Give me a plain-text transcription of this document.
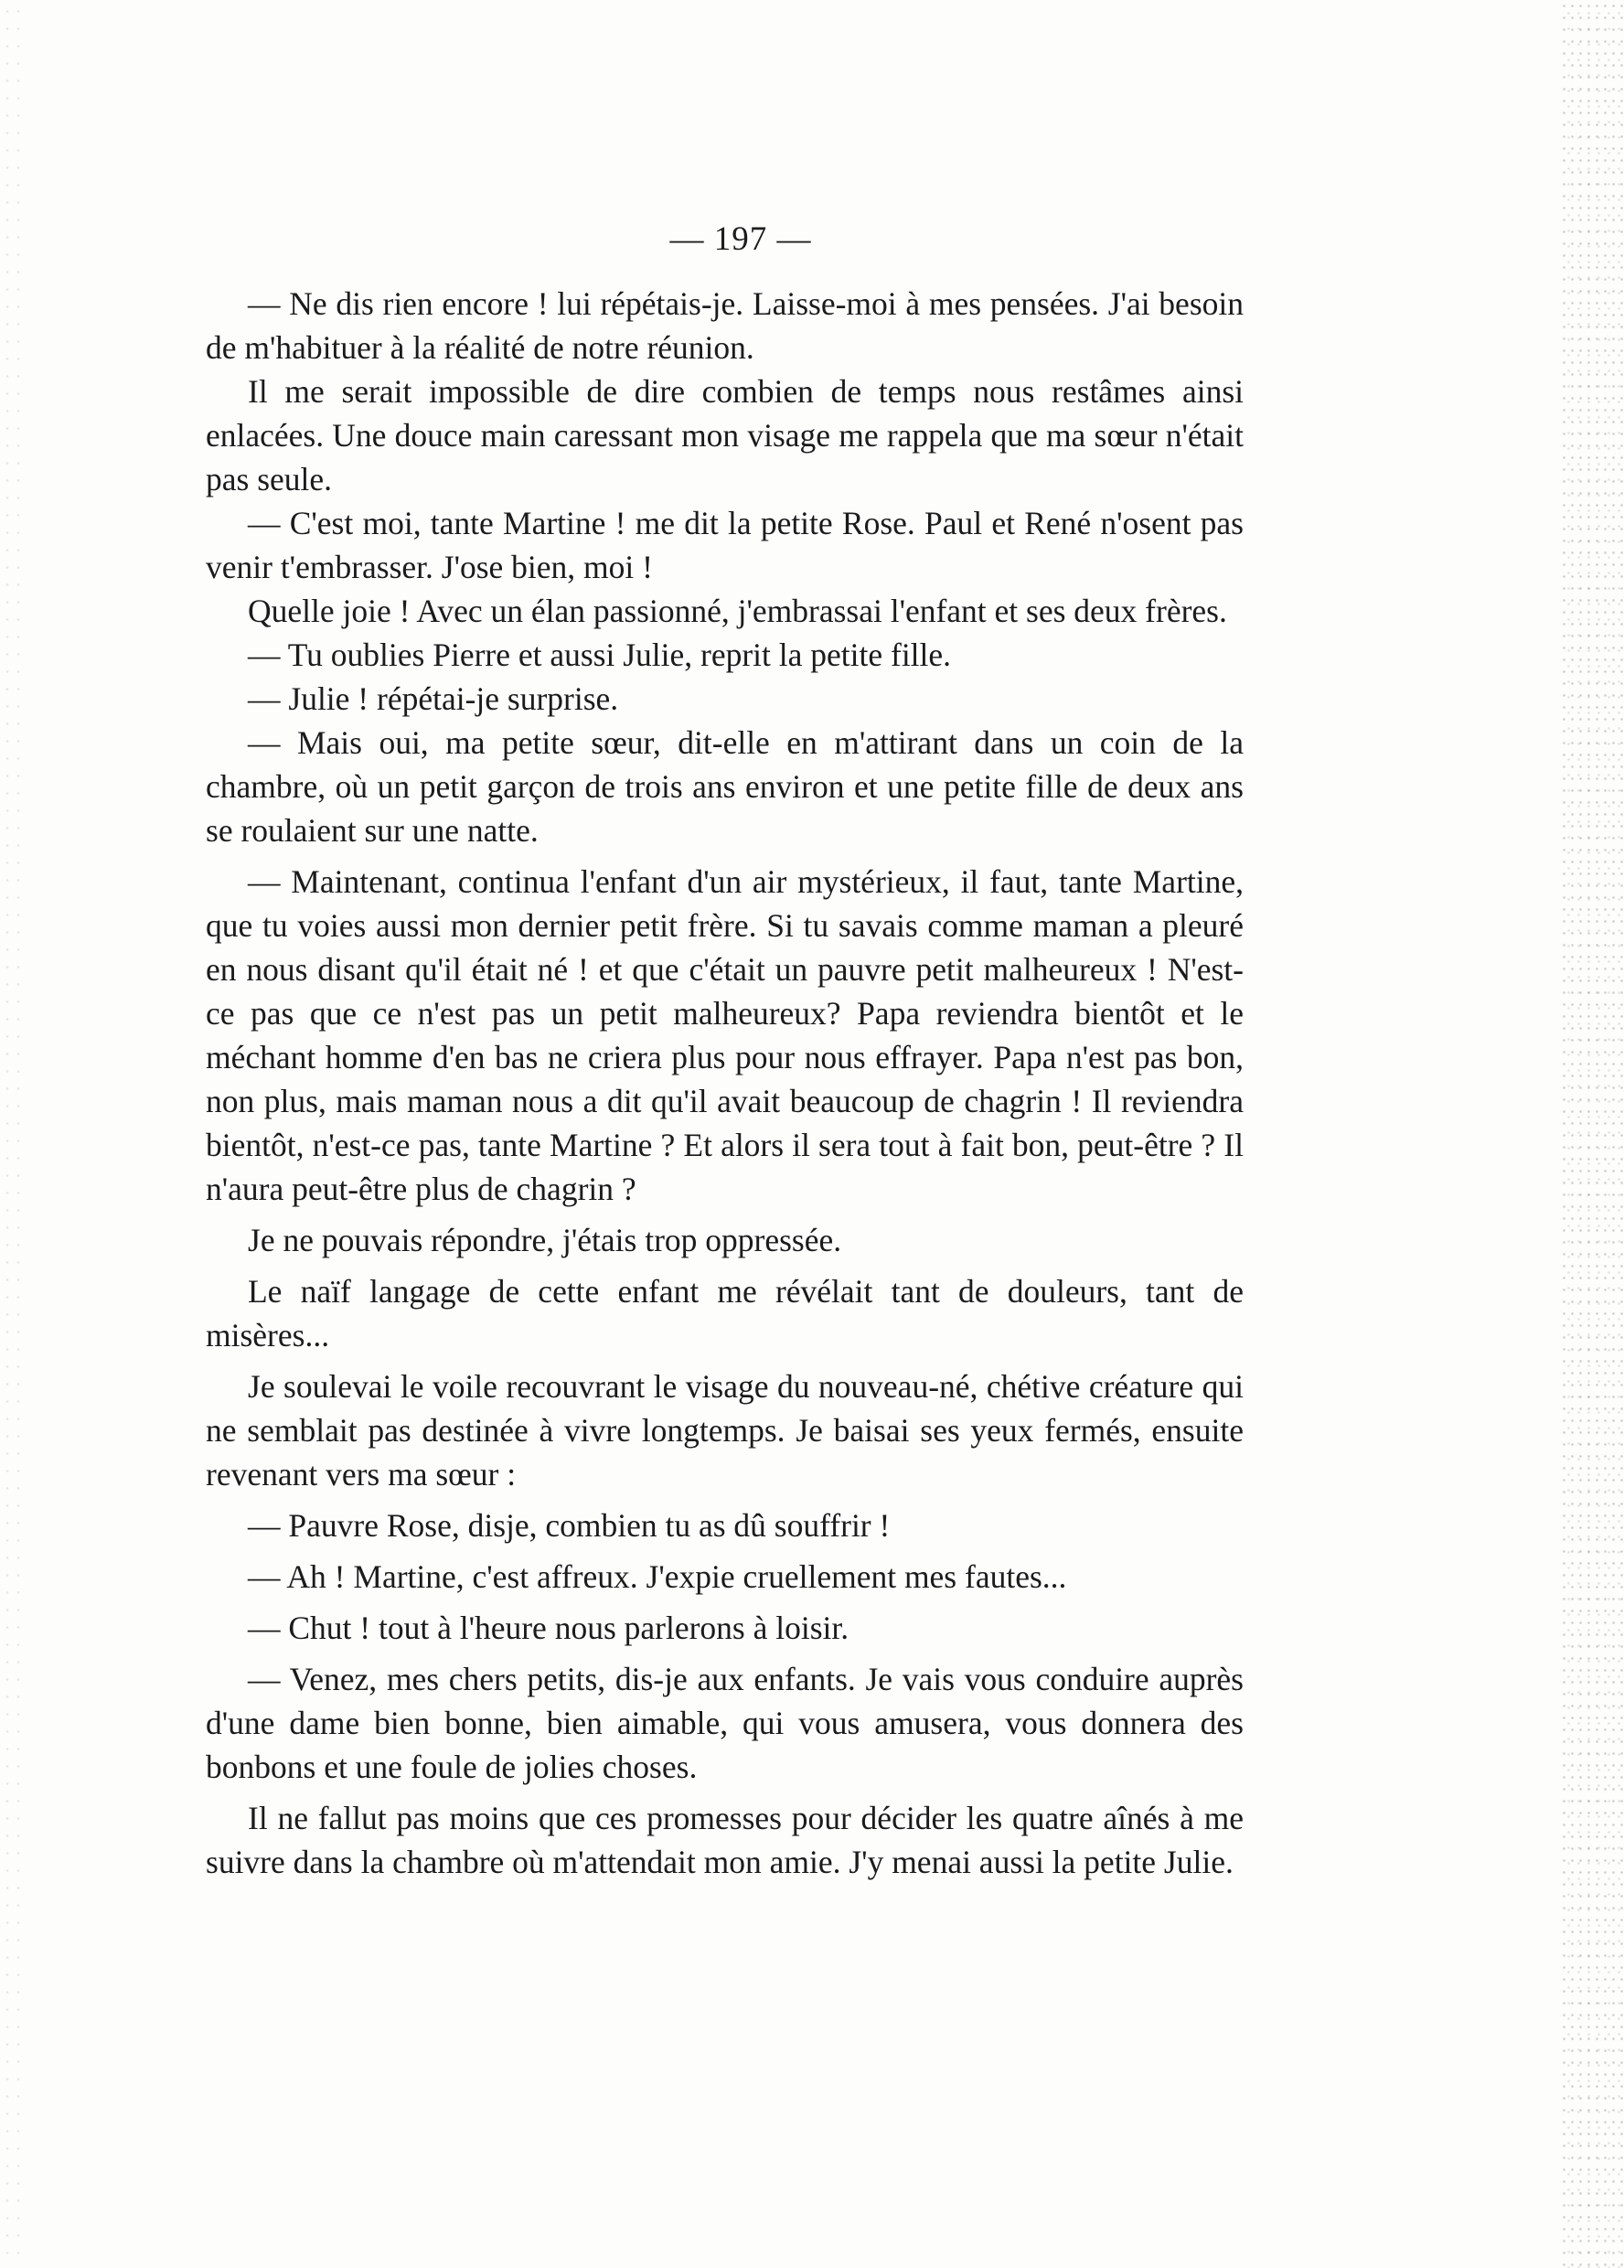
— 197 —

— Ne dis rien encore ! lui répétais-je. Laisse-moi à mes pensées. J'ai besoin de m'habituer à la réalité de notre réunion.

Il me serait impossible de dire combien de temps nous restâmes ainsi enlacées. Une douce main caressant mon visage me rappela que ma sœur n'était pas seule.

— C'est moi, tante Martine ! me dit la petite Rose. Paul et René n'osent pas venir t'embrasser. J'ose bien, moi !

Quelle joie ! Avec un élan passionné, j'embrassai l'enfant et ses deux frères.

— Tu oublies Pierre et aussi Julie, reprit la petite fille.

— Julie ! répétai-je surprise.

— Mais oui, ma petite sœur, dit-elle en m'attirant dans un coin de la chambre, où un petit garçon de trois ans environ et une petite fille de deux ans se roulaient sur une natte.

— Maintenant, continua l'enfant d'un air mystérieux, il faut, tante Martine, que tu voies aussi mon dernier petit frère. Si tu savais comme maman a pleuré en nous disant qu'il était né ! et que c'était un pauvre petit malheureux ! N'est-ce pas que ce n'est pas un petit malheureux? Papa reviendra bientôt et le méchant homme d'en bas ne criera plus pour nous effrayer. Papa n'est pas bon, non plus, mais maman nous a dit qu'il avait beaucoup de chagrin ! Il reviendra bientôt, n'est-ce pas, tante Martine ? Et alors il sera tout à fait bon, peut-être ? Il n'aura peut-être plus de chagrin ?

Je ne pouvais répondre, j'étais trop oppressée.

Le naïf langage de cette enfant me révélait tant de douleurs, tant de misères...

Je soulevai le voile recouvrant le visage du nouveau-né, chétive créature qui ne semblait pas destinée à vivre longtemps. Je baisai ses yeux fermés, ensuite revenant vers ma sœur :

— Pauvre Rose, disje, combien tu as dû souffrir !

— Ah ! Martine, c'est affreux. J'expie cruellement mes fautes...

— Chut ! tout à l'heure nous parlerons à loisir.

— Venez, mes chers petits, dis-je aux enfants. Je vais vous conduire auprès d'une dame bien bonne, bien aimable, qui vous amusera, vous donnera des bonbons et une foule de jolies choses.

Il ne fallut pas moins que ces promesses pour décider les quatre aînés à me suivre dans la chambre où m'attendait mon amie. J'y menai aussi la petite Julie.
